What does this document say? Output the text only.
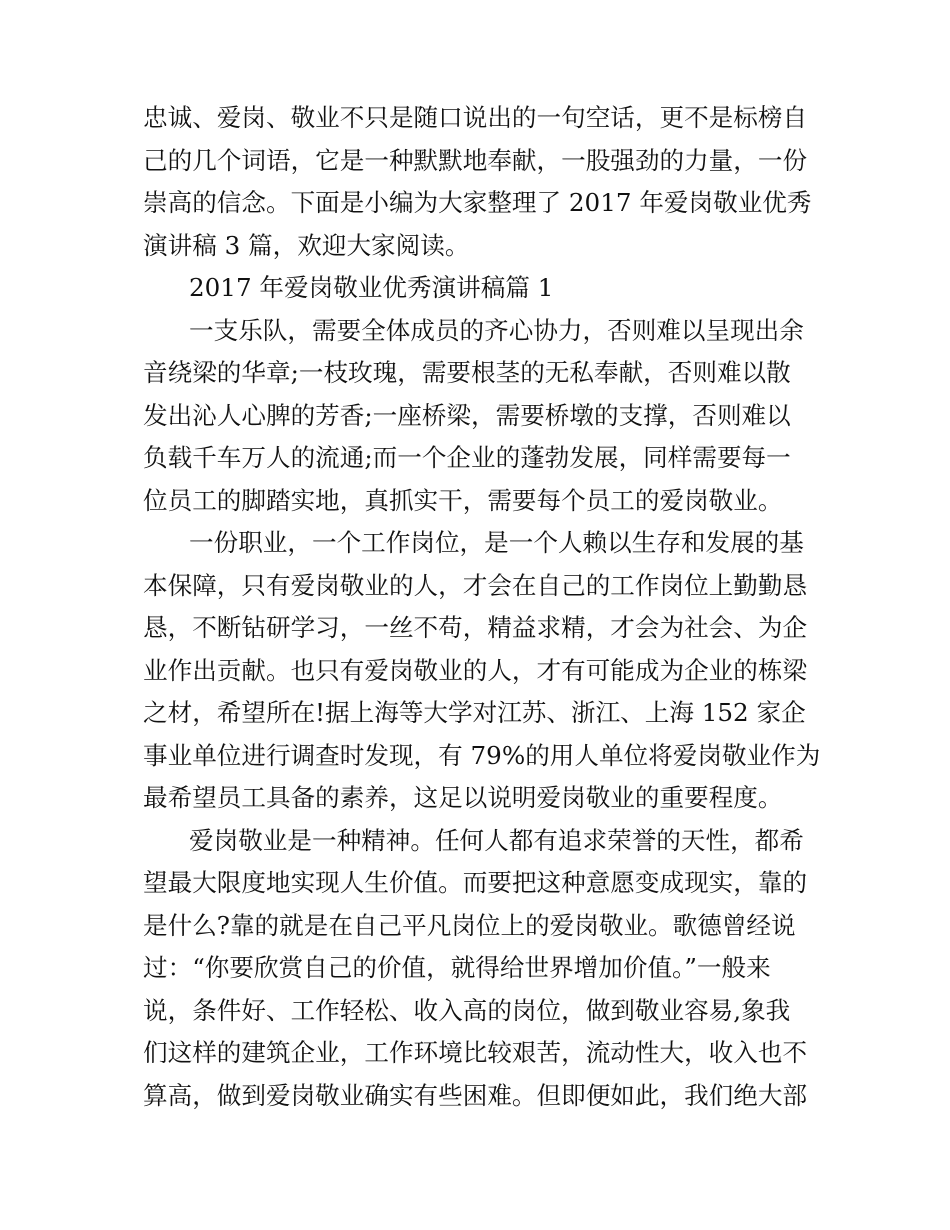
忠诚、爱岗、敬业不只是随口说出的一句空话，更不是标榜自
己的几个词语，它是一种默默地奉献，一股强劲的力量，一份
崇高的信念。下面是小编为大家整理了 2017 年爱岗敬业优秀
演讲稿 3 篇，欢迎大家阅读。
2017 年爱岗敬业优秀演讲稿篇 1
一支乐队，需要全体成员的齐心协力，否则难以呈现出余
音绕梁的华章;一枝玫瑰，需要根茎的无私奉献，否则难以散
发出沁人心脾的芳香;一座桥梁，需要桥墩的支撑，否则难以
负载千车万人的流通;而一个企业的蓬勃发展，同样需要每一
位员工的脚踏实地，真抓实干，需要每个员工的爱岗敬业。
一份职业，一个工作岗位，是一个人赖以生存和发展的基
本保障，只有爱岗敬业的人，才会在自己的工作岗位上勤勤恳
恳，不断钻研学习，一丝不苟，精益求精，才会为社会、为企
业作出贡献。也只有爱岗敬业的人，才有可能成为企业的栋梁
之材，希望所在!据上海等大学对江苏、浙江、上海 152 家企
事业单位进行调查时发现，有 79%的用人单位将爱岗敬业作为
最希望员工具备的素养，这足以说明爱岗敬业的重要程度。
爱岗敬业是一种精神。任何人都有追求荣誉的天性，都希
望最大限度地实现人生价值。而要把这种意愿变成现实，靠的
是什么?靠的就是在自己平凡岗位上的爱岗敬业。歌德曾经说
过：“你要欣赏自己的价值，就得给世界增加价值。”一般来
说，条件好、工作轻松、收入高的岗位，做到敬业容易,象我
们这样的建筑企业，工作环境比较艰苦，流动性大，收入也不
算高，做到爱岗敬业确实有些困难。但即便如此，我们绝大部
